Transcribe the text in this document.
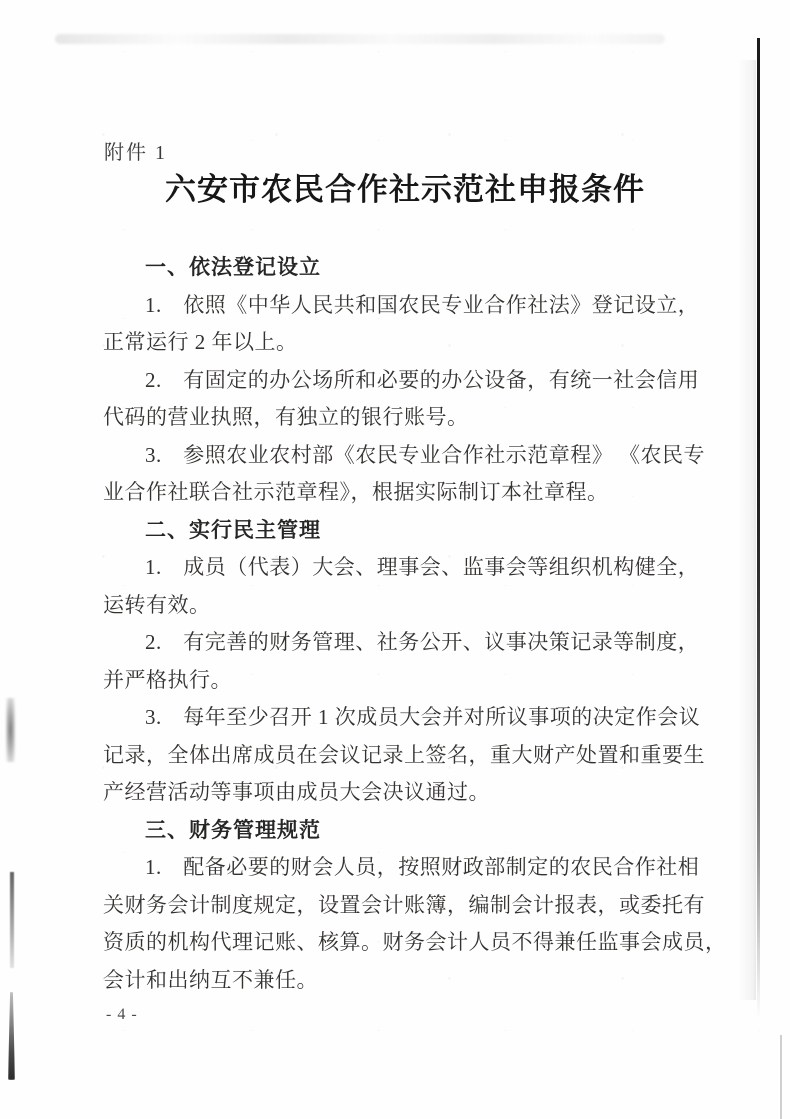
附件 1
六安市农民合作社示范社申报条件
一、依法登记设立
1.　依照《中华人民共和国农民专业合作社法》登记设立，
正常运行 2 年以上。
2.　有固定的办公场所和必要的办公设备，有统一社会信用
代码的营业执照，有独立的银行账号。
3.　参照农业农村部《农民专业合作社示范章程》 《农民专
业合作社联合社示范章程》，根据实际制订本社章程。
二、实行民主管理
1.　成员（代表）大会、理事会、监事会等组织机构健全，
运转有效。
2.　有完善的财务管理、社务公开、议事决策记录等制度，
并严格执行。
3.　每年至少召开 1 次成员大会并对所议事项的决定作会议
记录，全体出席成员在会议记录上签名，重大财产处置和重要生
产经营活动等事项由成员大会决议通过。
三、财务管理规范
1.　配备必要的财会人员，按照财政部制定的农民合作社相
关财务会计制度规定，设置会计账簿，编制会计报表，或委托有
资质的机构代理记账、核算。财务会计人员不得兼任监事会成员，
会计和出纳互不兼任。
- 4 -
